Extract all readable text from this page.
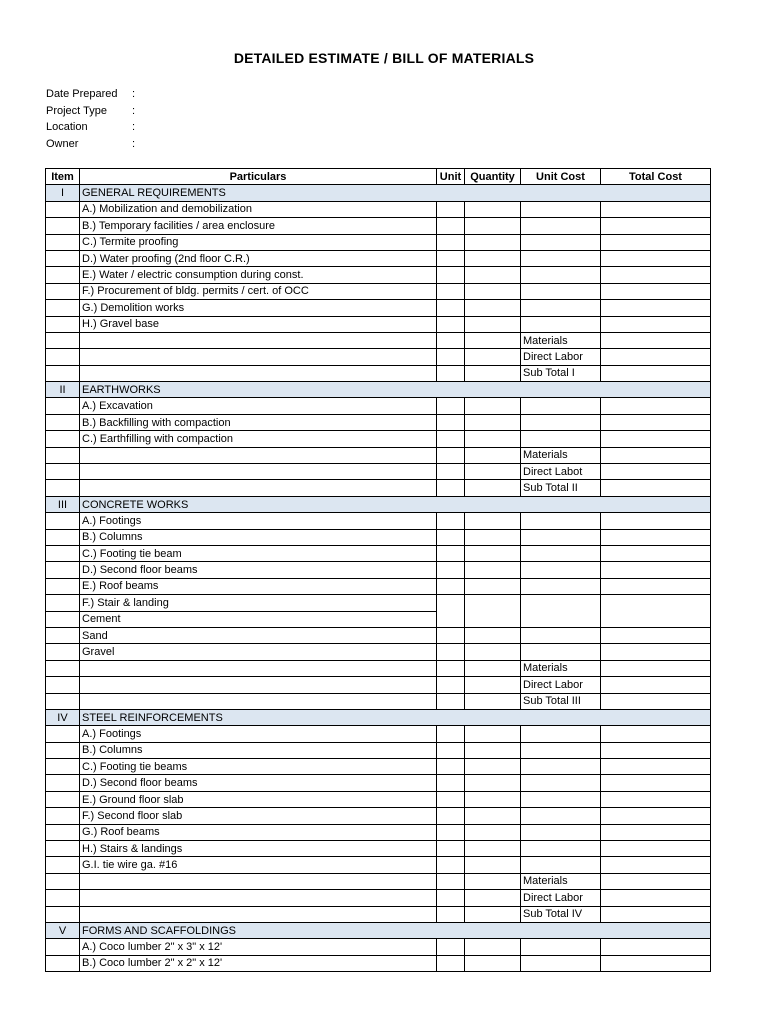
DETAILED ESTIMATE / BILL OF MATERIALS
Date Prepared :
Project Type :
Location	:
Owner	:
Item	Particulars	Unit	Quantity	Unit Cost	Total Cost
I	GENERAL REQUIREMENTS				
	A.) Mobilization and demobilization				
	B.) Temporary facilities / area enclosure				
	C.) Termite proofing				
	D.) Water proofing (2nd floor C.R.)				
	E.) Water / electric consumption during const.				
	F.) Procurement of bldg. permits / cert. of OCC				
	G.) Demolition works				
	H.) Gravel base				
				Materials	
				Direct Labor	
				Sub Total I	
II	EARTHWORKS				
	A.) Excavation				
	B.) Backfilling with compaction				
	C.) Earthfilling with compaction				
				Materials	
				Direct Labot	
				Sub Total II	
III	CONCRETE WORKS				
	A.) Footings				
	B.) Columns				
	C.) Footing tie beam				
	D.) Second floor beams				
	E.) Roof beams				
	F.) Stair & landing				
	Cement				
	Sand				
	Gravel				
				Materials	
				Direct Labor	
				Sub Total III	
IV	STEEL REINFORCEMENTS				
	A.) Footings				
	B.) Columns				
	C.) Footing tie beams				
	D.) Second floor beams				
	E.) Ground floor slab				
	F.) Second floor slab				
	G.) Roof beams				
	H.) Stairs & landings				
	G.I. tie wire ga. #16				
				Materials	
				Direct Labor	
				Sub Total IV	
V	FORMS AND SCAFFOLDINGS				
	A.) Coco lumber 2" x 3" x 12'				
	B.) Coco lumber 2" x 2" x 12'				
